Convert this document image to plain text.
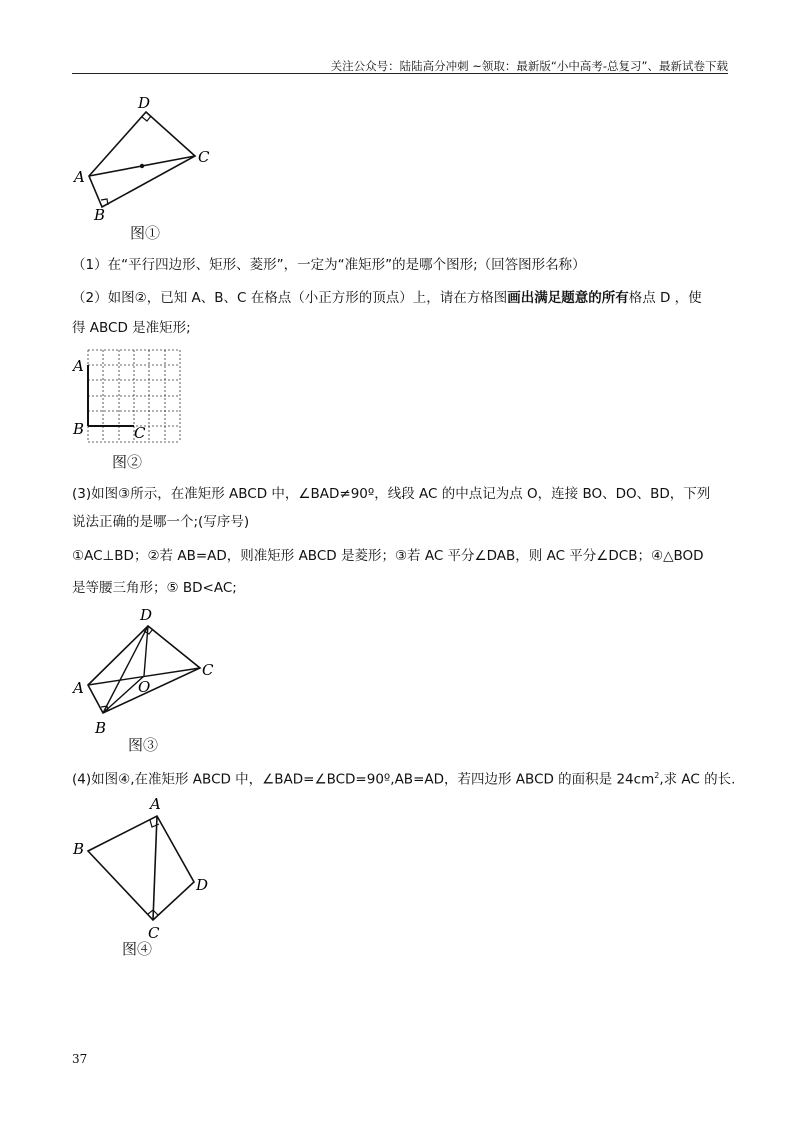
关注公众号：陆陆高分冲刺 ~领取：最新版“小中高考-总复习”、最新试卷下载
D
C
A
B
图①
（1）在“平行四边形、矩形、菱形”，一定为“准矩形”的是哪个图形;（回答图形名称）
（2）如图②，已知 A、B、C 在格点（小正方形的顶点）上，请在方格图画出满足题意的所有格点 D ，使
得 ABCD 是准矩形;
A
B	C
图②
(3)如图③所示，在准矩形 ABCD 中，∠BAD≠90º，线段 AC 的中点记为点 O，连接 BO、DO、BD，下列
说法正确的是哪一个;(写序号)
①AC⊥BD；②若 AB=AD，则准矩形 ABCD 是菱形；③若 AC 平分∠DAB，则 AC 平分∠DCB；④△BOD
是等腰三角形；⑤ BD<AC;
D
C
A	O
B
图③
(4)如图④,在准矩形 ABCD 中，∠BAD=∠BCD=90º,AB=AD，若四边形 ABCD 的面积是 $24cm^2$,求 AC 的长.
A
B
D
C
图④
37
